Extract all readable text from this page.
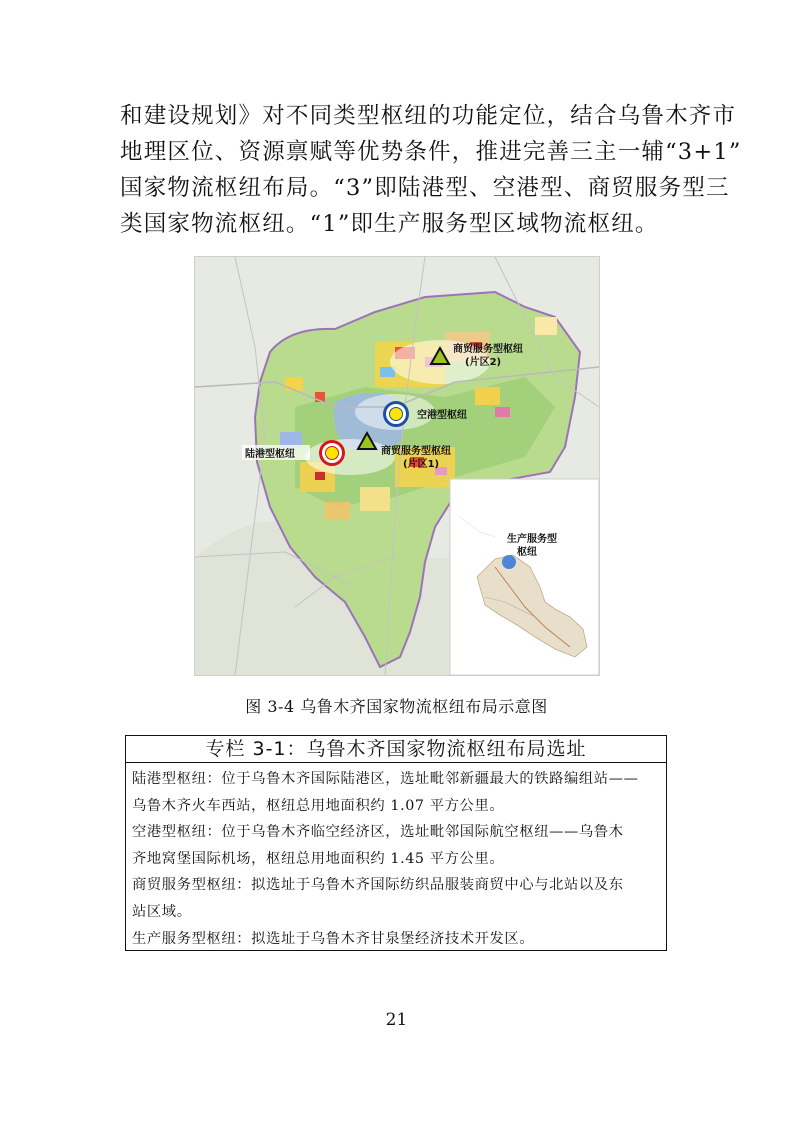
和建设规划》对不同类型枢纽的功能定位，结合乌鲁木齐市

地理区位、资源禀赋等优势条件，推进完善三主一辅“3+1”

国家物流枢纽布局。“3”即陆港型、空港型、商贸服务型三

类国家物流枢纽。“1”即生产服务型区域物流枢纽。

生产服务型
枢纽
商贸服务型枢纽
(片区2)
空港型枢纽
商贸服务型枢纽
(片区1)
陆港型枢纽
图 3-4 乌鲁木齐国家物流枢纽布局示意图
专栏 3-1：乌鲁木齐国家物流枢纽布局选址

陆港型枢纽：位于乌鲁木齐国际陆港区，选址毗邻新疆最大的铁路编组站——

乌鲁木齐火车西站，枢纽总用地面积约 1.07 平方公里。

空港型枢纽：位于乌鲁木齐临空经济区，选址毗邻国际航空枢纽——乌鲁木

齐地窝堡国际机场，枢纽总用地面积约 1.45 平方公里。

商贸服务型枢纽：拟选址于乌鲁木齐国际纺织品服装商贸中心与北站以及东

站区域。

生产服务型枢纽：拟选址于乌鲁木齐甘泉堡经济技术开发区。

21
